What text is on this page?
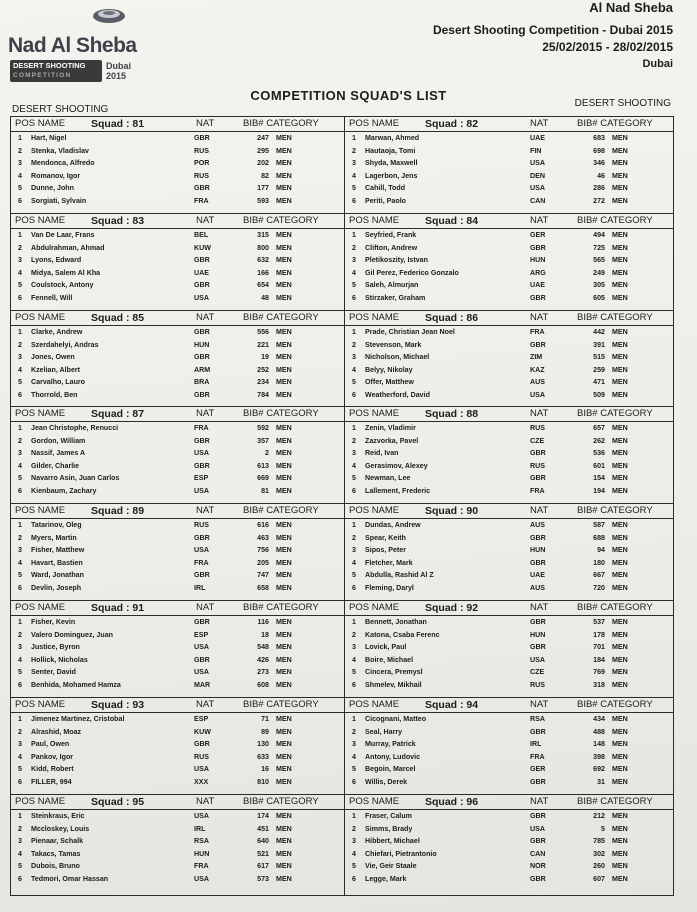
Nad Al Sheba
DESERT SHOOTING
COMPETITION
Dubai
2015
Al Nad Sheba
Desert Shooting Competition - Dubai 2015
25/02/2015 - 28/02/2015
Dubai
COMPETITION SQUAD'S LIST
DESERT SHOOTING
DESERT SHOOTING
POS NAME Squad : 81	NAT	BIB# CATEGORY
1 Hart, Nigel	GBR	247 MEN
2 Stenka, Vladislav	RUS	295 MEN
3 Mendonca, Alfredo	POR	202 MEN
4 Romanov, Igor	RUS	82 MEN
5 Dunne, John	GBR	177 MEN
6 Sorgiati, Sylvain	FRA	593 MEN
POS NAME Squad : 82	NAT	BIB# CATEGORY
1 Marwan, Ahmed	UAE	683 MEN
2 Hautaoja, Tomi	FIN	698 MEN
3 Shyda, Maxwell	USA	346 MEN
4 Lagerbon, Jens	DEN	46 MEN
5 Cahill, Todd	USA	286 MEN
6 Periti, Paolo	CAN	272 MEN
POS NAME Squad : 83	NAT	BIB# CATEGORY
1 Van De Laar, Frans	BEL	315 MEN
2 Abdulrahman, Ahmad	KUW	800 MEN
3 Lyons, Edward	GBR	632 MEN
4 Midya, Salem Al Kha	UAE	166 MEN
5 Coulstock, Antony	GBR	654 MEN
6 Fennell, Will	USA	48 MEN
POS NAME Squad : 84	NAT	BIB# CATEGORY
1 Seyfried, Frank	GER	494 MEN
2 Clifton, Andrew	GBR	725 MEN
3 Pletikoszity, Istvan	HUN	565 MEN
4 Gil Perez, Federico Gonzalo	ARG	249 MEN
5 Saleh, Almurjan	UAE	305 MEN
6 Stirzaker, Graham	GBR	605 MEN
POS NAME Squad : 85	NAT	BIB# CATEGORY
1 Clarke, Andrew	GBR	556 MEN
2 Szerdahelyi, Andras	HUN	221 MEN
3 Jones, Owen	GBR	19 MEN
4 Kzelian, Albert	ARM	252 MEN
5 Carvalho, Lauro	BRA	234 MEN
6 Thorrold, Ben	GBR	784 MEN
POS NAME Squad : 86	NAT	BIB# CATEGORY
1 Prade, Christian Jean Noel	FRA	442 MEN
2 Stevenson, Mark	GBR	391 MEN
3 Nicholson, Michael	ZIM	515 MEN
4 Belyy, Nikolay	KAZ	259 MEN
5 Offer, Matthew	AUS	471 MEN
6 Weatherford, David	USA	509 MEN
POS NAME Squad : 87	NAT	BIB# CATEGORY
1 Jean Christophe, Renucci	FRA	592 MEN
2 Gordon, William	GBR	357 MEN
3 Nassif, James A	USA	2 MEN
4 Gilder, Charlie	GBR	613 MEN
5 Navarro Asin, Juan Carlos	ESP	669 MEN
6 Kienbaum, Zachary	USA	81 MEN
POS NAME Squad : 88	NAT	BIB# CATEGORY
1 Zenin, Vladimir	RUS	657 MEN
2 Zazvorka, Pavel	CZE	262 MEN
3 Reid, Ivan	GBR	536 MEN
4 Gerasimov, Alexey	RUS	601 MEN
5 Newman, Lee	GBR	154 MEN
6 Lallement, Frederic	FRA	194 MEN
POS NAME Squad : 89	NAT	BIB# CATEGORY
1 Tatarinov, Oleg	RUS	616 MEN
2 Myers, Martin	GBR	463 MEN
3 Fisher, Matthew	USA	756 MEN
4 Havart, Bastien	FRA	205 MEN
5 Ward, Jonathan	GBR	747 MEN
6 Devlin, Joseph	IRL	658 MEN
POS NAME Squad : 90	NAT	BIB# CATEGORY
1 Dundas, Andrew	AUS	587 MEN
2 Spear, Keith	GBR	688 MEN
3 Sipos, Peter	HUN	94 MEN
4 Fletcher, Mark	GBR	180 MEN
5 Abdulla, Rashid Al Z	UAE	667 MEN
6 Fleming, Daryl	AUS	720 MEN
POS NAME Squad : 91	NAT	BIB# CATEGORY
1 Fisher, Kevin	GBR	116 MEN
2 Valero Dominguez, Juan	ESP	18 MEN
3 Justice, Byron	USA	548 MEN
4 Hollick, Nicholas	GBR	426 MEN
5 Senter, David	USA	273 MEN
6 Benhida, Mohamed Hamza	MAR	608 MEN
POS NAME Squad : 92	NAT	BIB# CATEGORY
1 Bennett, Jonathan	GBR	537 MEN
2 Katona, Csaba Ferenc	HUN	178 MEN
3 Lovick, Paul	GBR	701 MEN
4 Boire, Michael	USA	184 MEN
5 Cincera, Premysl	CZE	769 MEN
6 Shmelev, Mikhail	RUS	318 MEN
POS NAME Squad : 93	NAT	BIB# CATEGORY
1 Jimenez Martinez, Cristobal	ESP	71 MEN
2 Alrashid, Moaz	KUW	89 MEN
3 Paul, Owen	GBR	130 MEN
4 Pankov, Igor	RUS	633 MEN
5 Kidd, Robert	USA	16 MEN
6 FILLER, 994	XXX	810 MEN
POS NAME Squad : 94	NAT	BIB# CATEGORY
1 Cicognani, Matteo	RSA	434 MEN
2 Seal, Harry	GBR	488 MEN
3 Murray, Patrick	IRL	148 MEN
4 Antony, Ludovic	FRA	398 MEN
5 Begoin, Marcel	GER	692 MEN
6 Willis, Derek	GBR	31 MEN
POS NAME Squad : 95	NAT	BIB# CATEGORY
1 Steinkraus, Eric	USA	174 MEN
2 Mccloskey, Louis	IRL	451 MEN
3 Pienaar, Schalk	RSA	640 MEN
4 Takacs, Tamas	HUN	521 MEN
5 Dubois, Bruno	FRA	617 MEN
6 Tedmori, Omar Hassan	USA	573 MEN
POS NAME Squad : 96	NAT	BIB# CATEGORY
1 Fraser, Calum	GBR	212 MEN
2 Simms, Brady	USA	5 MEN
3 Hibbert, Michael	GBR	785 MEN
4 Chiefari, Pietrantonio	CAN	302 MEN
5 Vie, Geir Staale	NOR	260 MEN
6 Legge, Mark	GBR	607 MEN
